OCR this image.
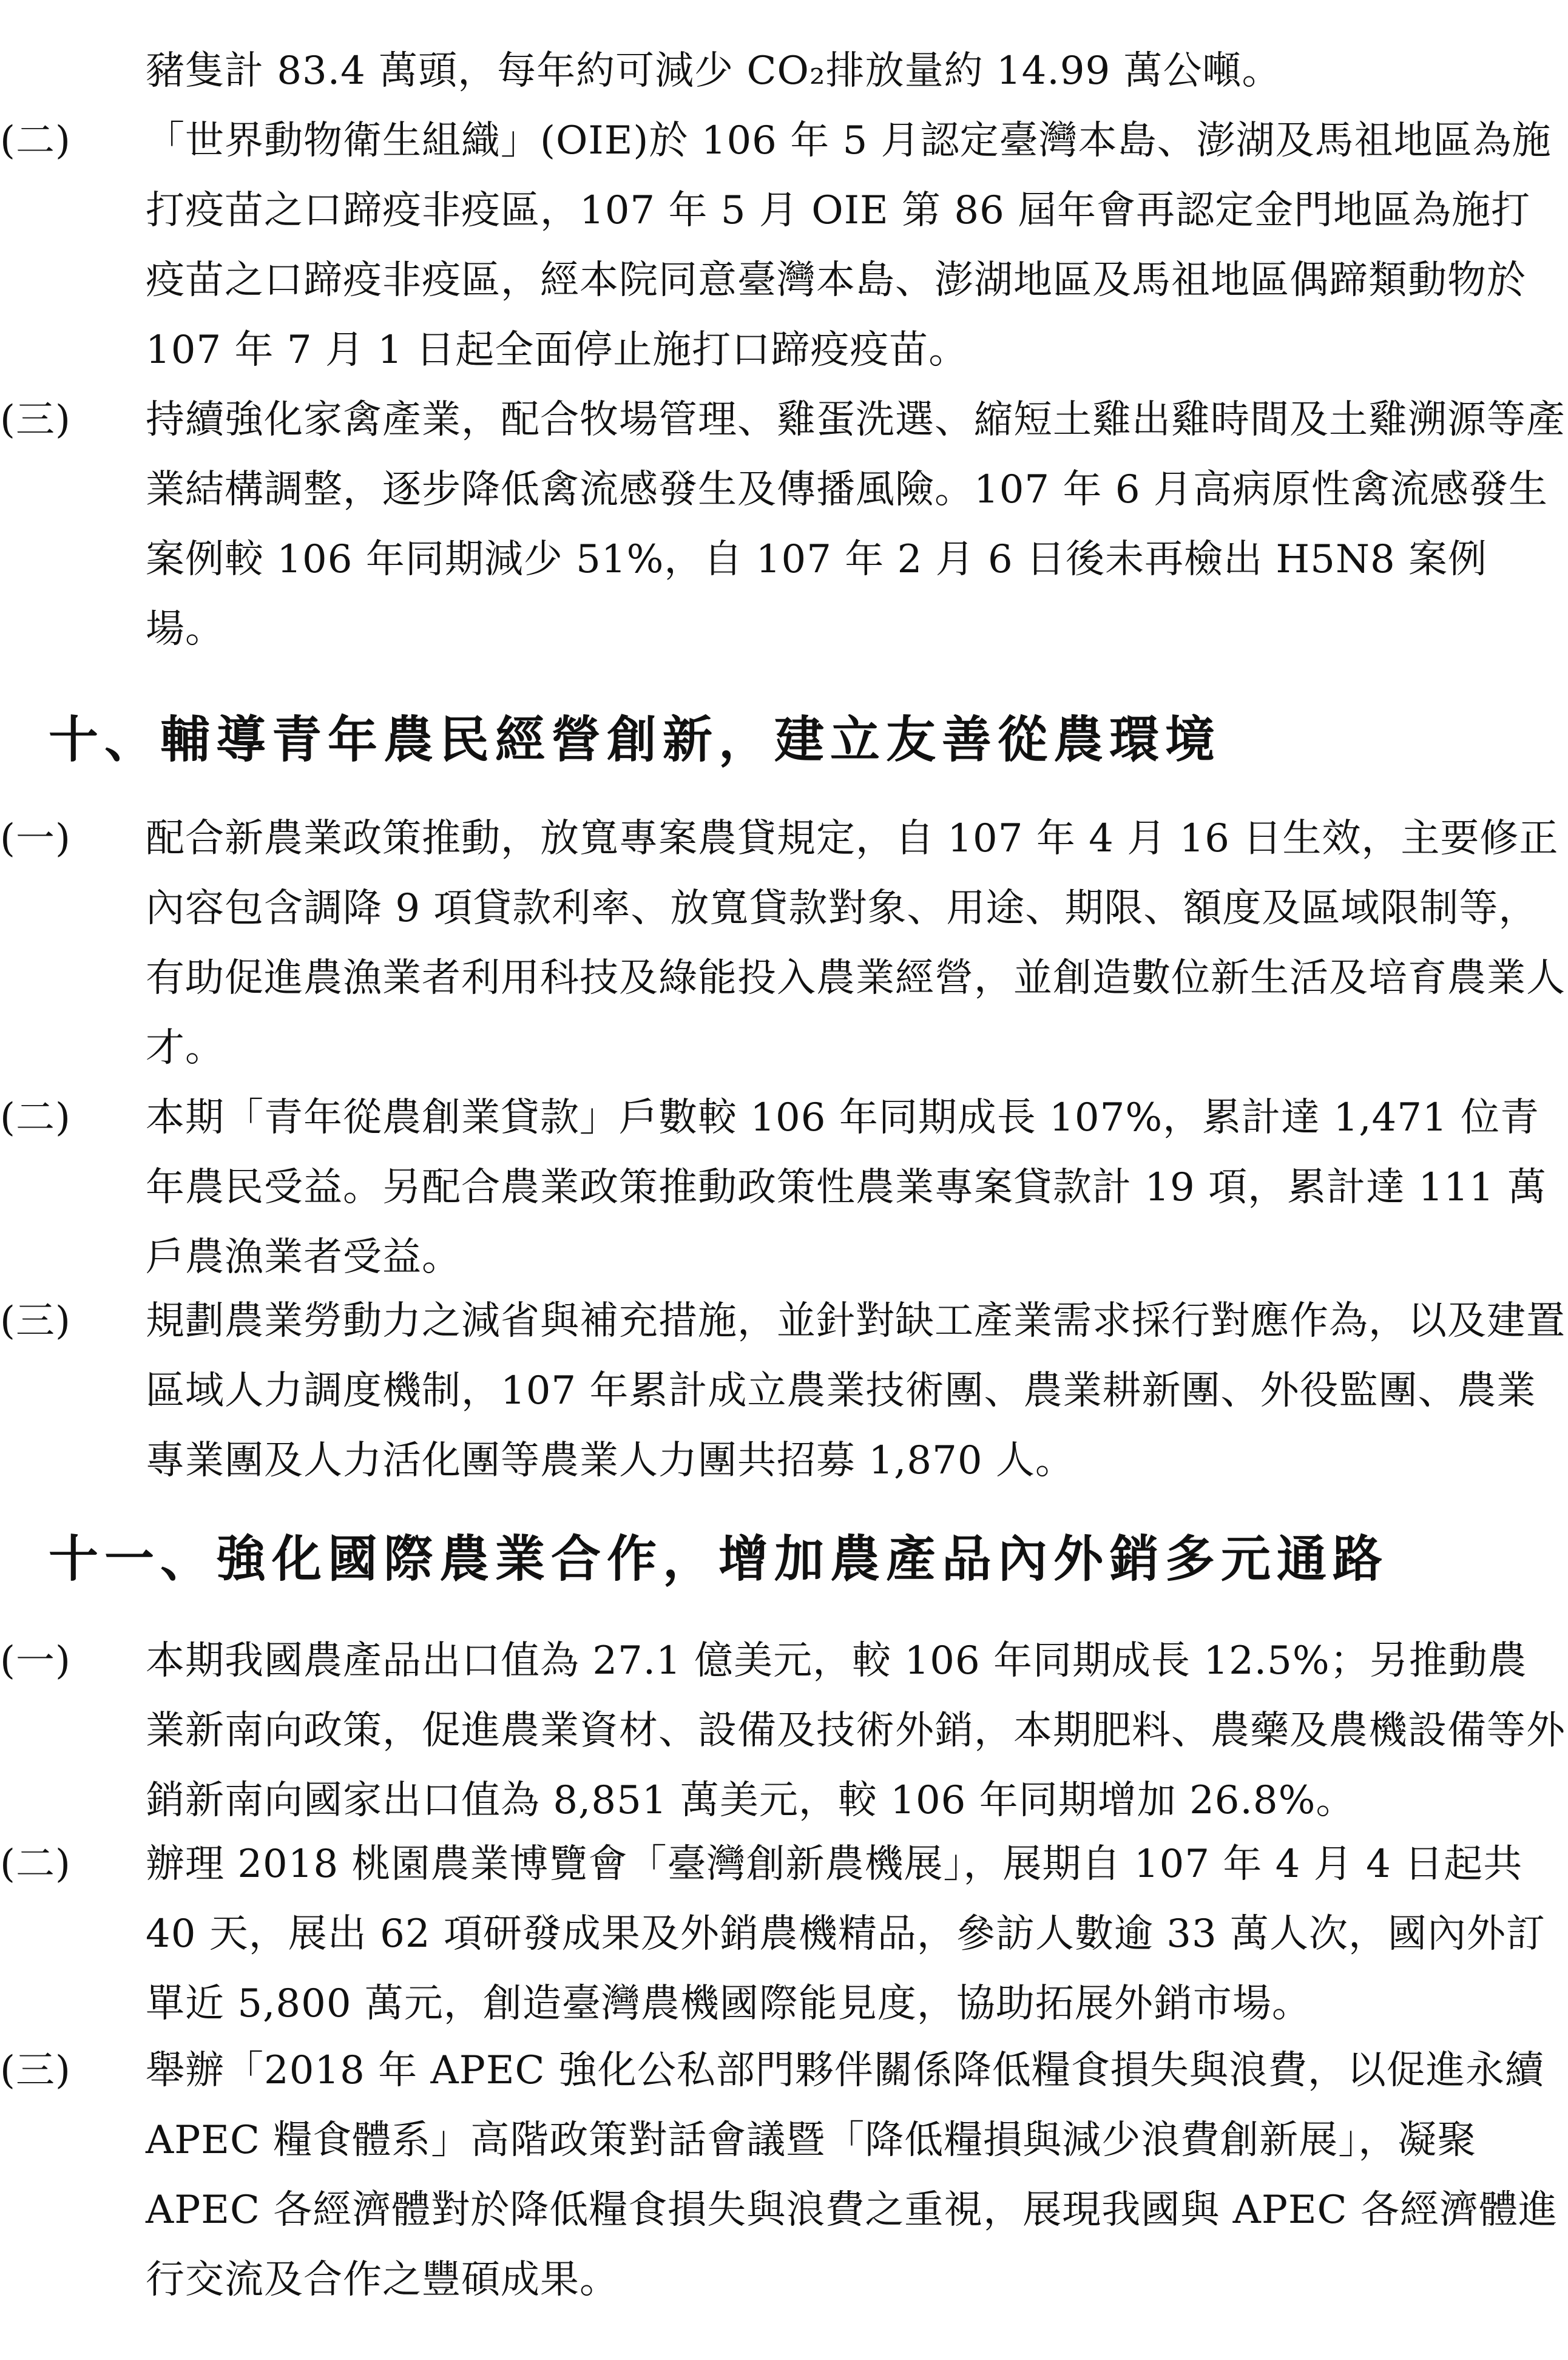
豬隻計 83.4 萬頭，每年約可減少 CO₂排放量約 14.99 萬公噸。
(二) 「世界動物衛生組織」(OIE)於 106 年 5 月認定臺灣本島、澎湖及馬祖地區為施打疫苗之口蹄疫非疫區，107 年 5 月 OIE 第 86 屆年會再認定金門地區為施打疫苗之口蹄疫非疫區，經本院同意臺灣本島、澎湖地區及馬祖地區偶蹄類動物於 107 年 7 月 1 日起全面停止施打口蹄疫疫苗。
(三) 持續強化家禽產業，配合牧場管理、雞蛋洗選、縮短土雞出雞時間及土雞溯源等產業結構調整，逐步降低禽流感發生及傳播風險。107 年 6 月高病原性禽流感發生案例較 106 年同期減少 51%，自 107 年 2 月 6 日後未再檢出 H5N8 案例場。
十、輔導青年農民經營創新，建立友善從農環境
(一) 配合新農業政策推動，放寬專案農貸規定，自 107 年 4 月 16 日生效，主要修正內容包含調降 9 項貸款利率、放寬貸款對象、用途、期限、額度及區域限制等，有助促進農漁業者利用科技及綠能投入農業經營，並創造數位新生活及培育農業人才。
(二) 本期「青年從農創業貸款」戶數較 106 年同期成長 107%，累計達 1,471 位青年農民受益。另配合農業政策推動政策性農業專案貸款計 19 項，累計達 111 萬戶農漁業者受益。
(三) 規劃農業勞動力之減省與補充措施，並針對缺工產業需求採行對應作為，以及建置區域人力調度機制，107 年累計成立農業技術團、農業耕新團、外役監團、農業專業團及人力活化團等農業人力團共招募 1,870 人。
十一、強化國際農業合作，增加農產品內外銷多元通路
(一) 本期我國農產品出口值為 27.1 億美元，較 106 年同期成長 12.5%；另推動農業新南向政策，促進農業資材、設備及技術外銷，本期肥料、農藥及農機設備等外銷新南向國家出口值為 8,851 萬美元，較 106 年同期增加 26.8%。
(二) 辦理 2018 桃園農業博覽會「臺灣創新農機展」，展期自 107 年 4 月 4 日起共 40 天，展出 62 項研發成果及外銷農機精品，參訪人數逾 33 萬人次，國內外訂單近 5,800 萬元，創造臺灣農機國際能見度，協助拓展外銷市場。
(三) 舉辦「2018 年 APEC 強化公私部門夥伴關係降低糧食損失與浪費，以促進永續 APEC 糧食體系」高階政策對話會議暨「降低糧損與減少浪費創新展」，凝聚 APEC 各經濟體對於降低糧食損失與浪費之重視，展現我國與 APEC 各經濟體進行交流及合作之豐碩成果。
